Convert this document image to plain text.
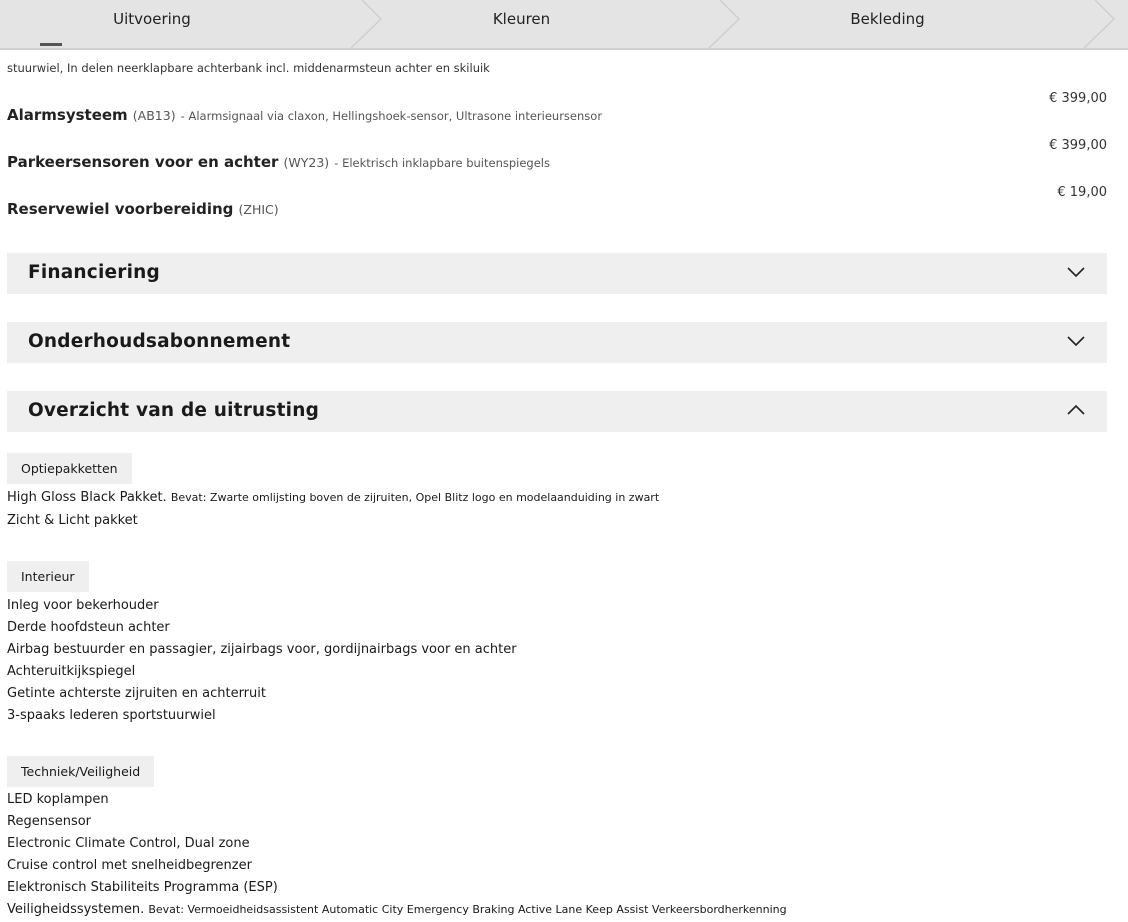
Uitvoering	Kleuren	Bekleding
stuurwiel, In delen neerklapbare achterbank incl. middenarmsteun achter en skiluik
Alarmsysteem (AB13) - Alarmsignaal via claxon, Hellingshoek-sensor, Ultrasone interieursensor
€ 399,00
Parkeersensoren voor en achter (WY23) - Elektrisch inklapbare buitenspiegels
€ 399,00
Reservewiel voorbereiding (ZHIC)
€ 19,00
Financiering
Onderhoudsabonnement
Overzicht van de uitrusting
Optiepakketten
High Gloss Black Pakket. Bevat: Zwarte omlijsting boven de zijruiten, Opel Blitz logo en modelaanduiding in zwart
Zicht & Licht pakket
Interieur
Inleg voor bekerhouder
Derde hoofdsteun achter
Airbag bestuurder en passagier, zijairbags voor, gordijnairbags voor en achter
Achteruitkijkspiegel
Getinte achterste zijruiten en achterruit
3-spaaks lederen sportstuurwiel
Techniek/Veiligheid
LED koplampen
Regensensor
Electronic Climate Control, Dual zone
Cruise control met snelheidbegrenzer
Elektronisch Stabiliteits Programma (ESP)
Veiligheidssystemen. Bevat: Vermoeidheidsassistent Automatic City Emergency Braking Active Lane Keep Assist Verkeersbordherkenning
